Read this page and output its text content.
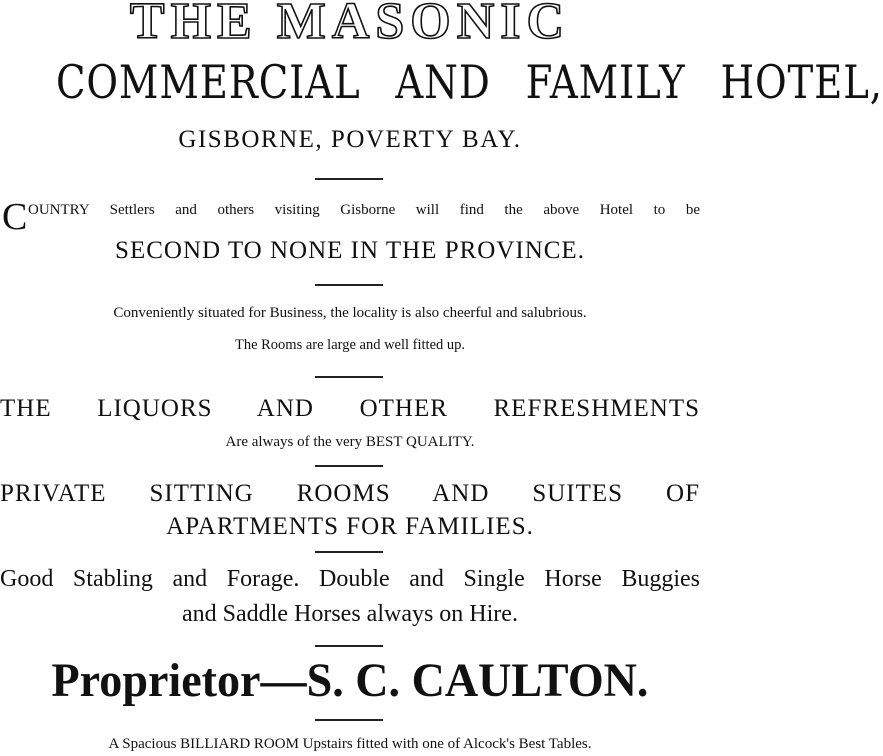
THE MASONIC
COMMERCIAL AND FAMILY HOTEL,
GISBORNE, POVERTY BAY.
C OUNTRY Settlers and others visiting Gisborne will find the above Hotel to be
SECOND TO NONE IN THE PROVINCE.
Conveniently situated for Business, the locality is also cheerful and salubrious.
The Rooms are large and well fitted up.
THE LIQUORS AND OTHER REFRESHMENTS
Are always of the very BEST QUALITY.
PRIVATE SITTING ROOMS AND SUITES OF
APARTMENTS FOR FAMILIES.
Good Stabling and Forage. Double and Single Horse Buggies
and Saddle Horses always on Hire.
Proprietor—S. C. CAULTON.
A Spacious BILLIARD ROOM Upstairs fitted with one of Alcock's Best Tables.
